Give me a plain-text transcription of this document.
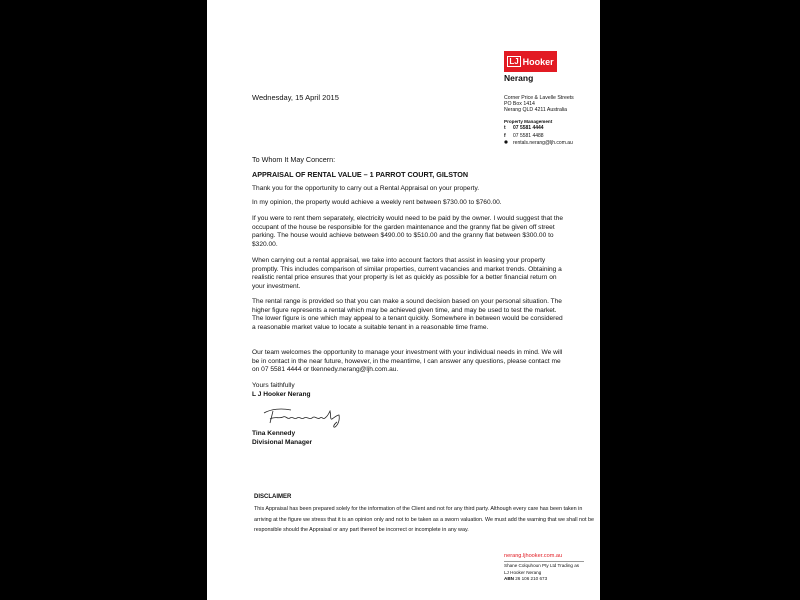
LJ Hooker
Nerang
Wednesday, 15 April 2015	Corner Price & Lavelle Streets
PO Box 1414
Nerang QLD 4211 Australia
Property Management
t	07 5581 4444
f	07 5581 4488
rentals.nerang@ljh.com.au
To Whom It May Concern:
APPRAISAL OF RENTAL VALUE – 1 PARROT COURT, GILSTON
Thank you for the opportunity to carry out a Rental Appraisal on your property.
In my opinion, the property would achieve a weekly rent between $730.00 to $760.00.
If you were to rent them separately, electricity would need to be paid by the owner. I would suggest that the occupant of the house be responsible for the garden maintenance and the granny flat be given off street parking. The house would achieve between $490.00 to $510.00 and the granny flat between $300.00 to $320.00.
When carrying out a rental appraisal, we take into account factors that assist in leasing your property promptly. This includes comparison of similar properties, current vacancies and market trends. Obtaining a realistic rental price ensures that your property is let as quickly as possible for a better financial return on your investment.
The rental range is provided so that you can make a sound decision based on your personal situation. The higher figure represents a rental which may be achieved given time, and may be used to test the market. The lower figure is one which may appeal to a tenant quickly. Somewhere in between would be considered a reasonable market value to locate a suitable tenant in a reasonable time frame.
Our team welcomes the opportunity to manage your investment with your individual needs in mind. We will be in contact in the near future, however, in the meantime, I can answer any questions, please contact me on 07 5581 4444 or tkennedy.nerang@ljh.com.au.
Yours faithfully
L J Hooker Nerang
Tina Kennedy
Divisional Manager
DISCLAIMER
This Appraisal has been prepared solely for the information of the Client and not for any third party. Although every care has been taken in arriving at the figure we stress that it is an opinion only and not to be taken as a sworn valuation. We must add the warning that we shall not be responsible should the Appraisal or any part thereof be incorrect or incomplete in any way.
nerang.ljhooker.com.au
Shane Colquhoun Pty Ltd Trading as
LJ Hooker Nerang
ABN 26 106 210 673
